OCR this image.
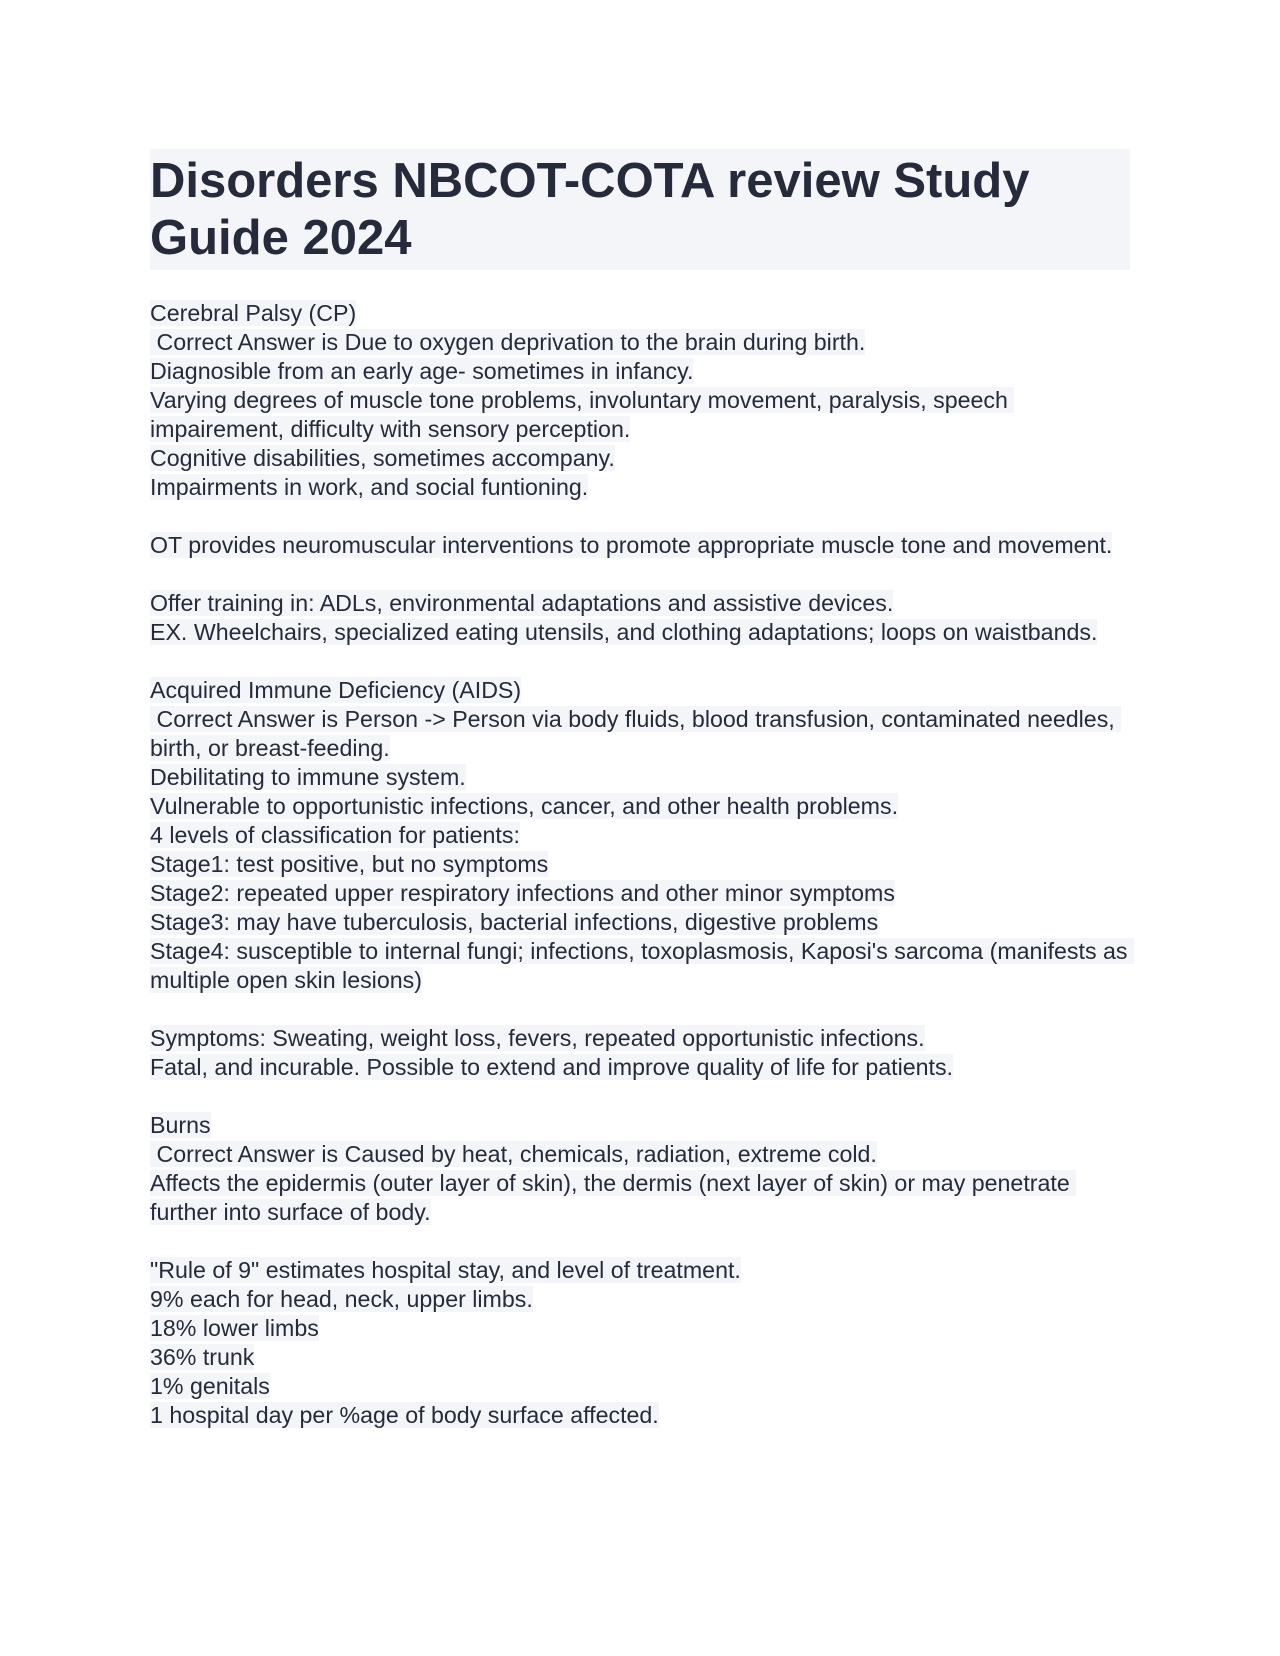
Disorders NBCOT-COTA review Study Guide 2024
Cerebral Palsy (CP)
Correct Answer is Due to oxygen deprivation to the brain during birth.
Diagnosible from an early age- sometimes in infancy.
Varying degrees of muscle tone problems, involuntary movement, paralysis, speech impairement, difficulty with sensory perception.
Cognitive disabilities, sometimes accompany.
Impairments in work, and social funtioning.
OT provides neuromuscular interventions to promote appropriate muscle tone and movement.
Offer training in: ADLs, environmental adaptations and assistive devices.
EX. Wheelchairs, specialized eating utensils, and clothing adaptations; loops on waistbands.
Acquired Immune Deficiency (AIDS)
Correct Answer is Person -> Person via body fluids, blood transfusion, contaminated needles, birth, or breast-feeding.
Debilitating to immune system.
Vulnerable to opportunistic infections, cancer, and other health problems.
4 levels of classification for patients:
Stage1: test positive, but no symptoms
Stage2: repeated upper respiratory infections and other minor symptoms
Stage3: may have tuberculosis, bacterial infections, digestive problems
Stage4: susceptible to internal fungi; infections, toxoplasmosis, Kaposi's sarcoma (manifests as multiple open skin lesions)
Symptoms: Sweating, weight loss, fevers, repeated opportunistic infections.
Fatal, and incurable. Possible to extend and improve quality of life for patients.
Burns
Correct Answer is Caused by heat, chemicals, radiation, extreme cold.
Affects the epidermis (outer layer of skin), the dermis (next layer of skin) or may penetrate further into surface of body.
"Rule of 9" estimates hospital stay, and level of treatment.
9% each for head, neck, upper limbs.
18% lower limbs
36% trunk
1% genitals
1 hospital day per %age of body surface affected.
